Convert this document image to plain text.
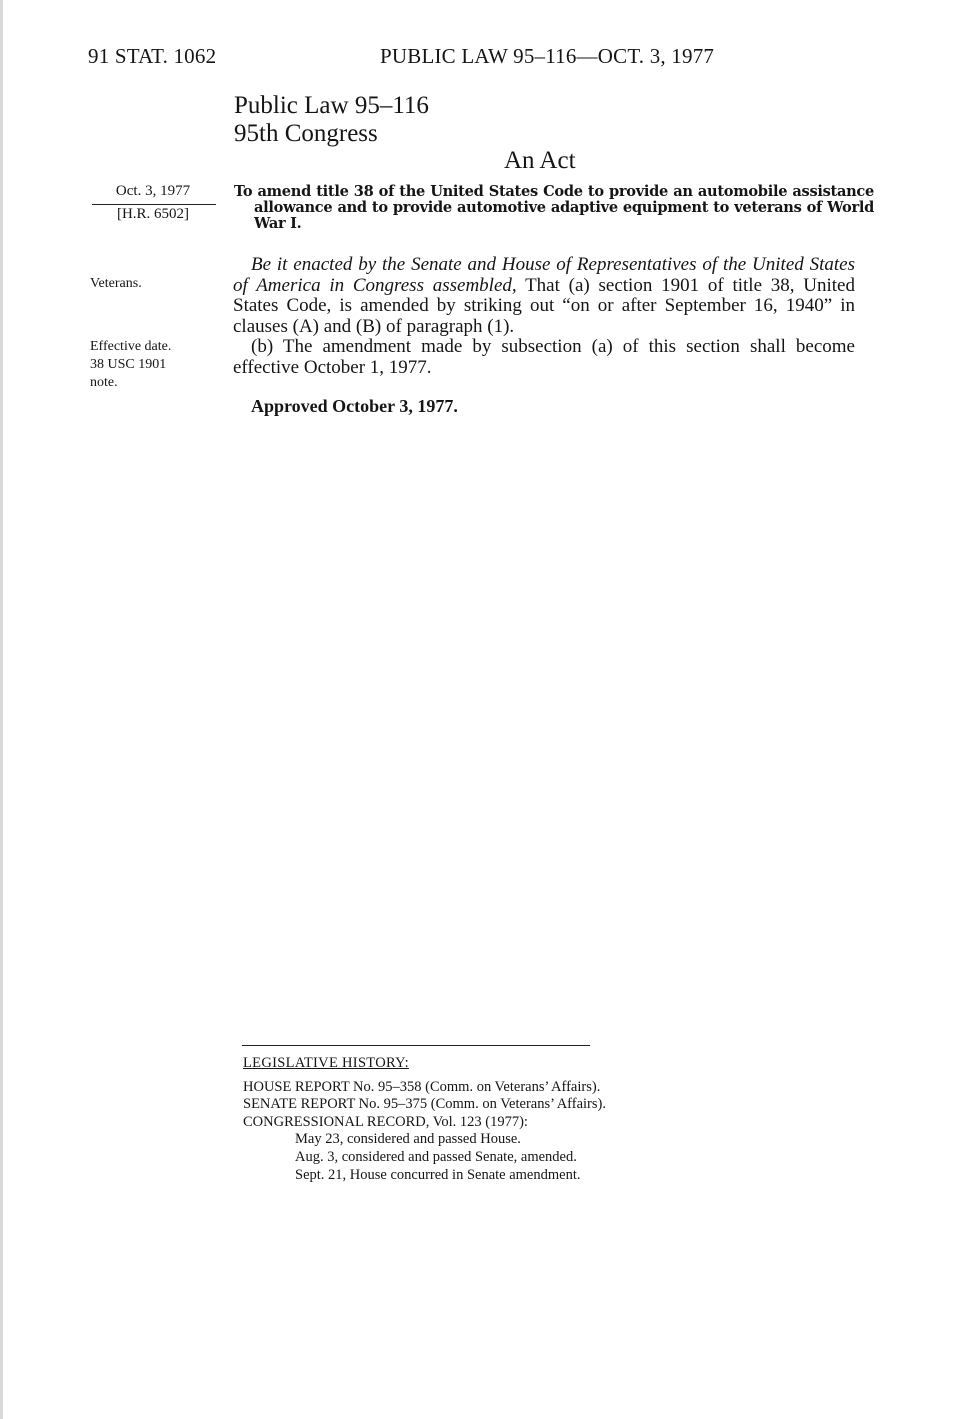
91 STAT. 1062	PUBLIC LAW 95–116—OCT. 3, 1977
Public Law 95–116
95th Congress
An Act
Oct. 3, 1977
[H.R. 6502]
Veterans.
Effective date.
38 USC 1901
note.
To amend title 38 of the United States Code to provide an automobile assistance allowance and to provide automotive adaptive equipment to veterans of World War I.

Be it enacted by the Senate and House of Representatives of the United States of America in Congress assembled, That (a) section 1901 of title 38, United States Code, is amended by striking out “on or after September 16, 1940” in clauses (A) and (B) of paragraph (1).

(b) The amendment made by subsection (a) of this section shall become effective October 1, 1977.

Approved October 3, 1977.
LEGISLATIVE HISTORY:
HOUSE REPORT No. 95–358 (Comm. on Veterans’ Affairs).
SENATE REPORT No. 95–375 (Comm. on Veterans’ Affairs).
CONGRESSIONAL RECORD, Vol. 123 (1977):
May 23, considered and passed House.
Aug. 3, considered and passed Senate, amended.
Sept. 21, House concurred in Senate amendment.
